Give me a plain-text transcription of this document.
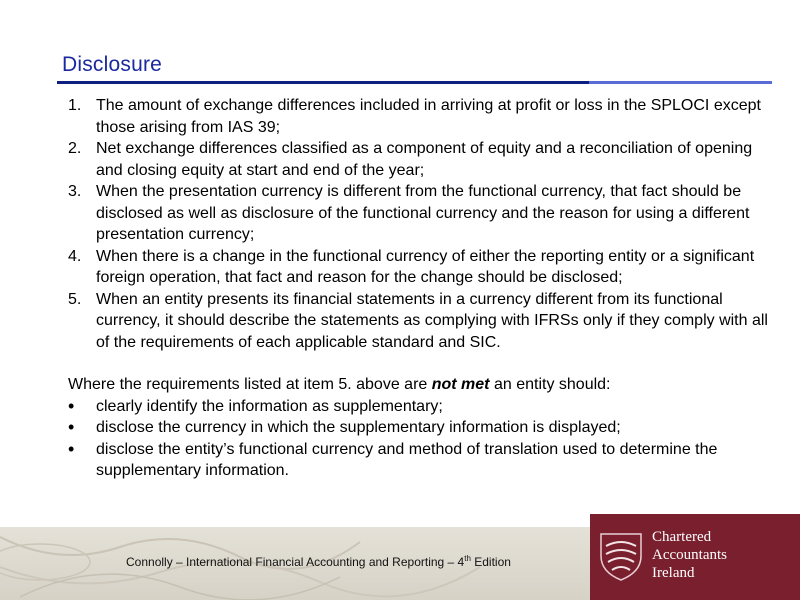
Disclosure
1. The amount of exchange differences included in arriving at profit or loss in the SPLOCI except those arising from IAS 39;
2. Net exchange differences classified as a component of equity and a reconciliation of opening and closing equity at start and end of the year;
3. When the presentation currency is different from the functional currency, that fact should be disclosed as well as disclosure of the functional currency and the reason for using a different presentation currency;
4. When there is a change in the functional currency of either the reporting entity or a significant foreign operation, that fact and reason for the change should be disclosed;
5. When an entity presents its financial statements in a currency different from its functional currency, it should describe the statements as complying with IFRSs only if they comply with all of the requirements of each applicable standard and SIC.
Where the requirements listed at item 5. above are not met an entity should:
• clearly identify the information as supplementary;
• disclose the currency in which the supplementary information is displayed;
• disclose the entity’s functional currency and method of translation used to determine the supplementary information.
Connolly – International Financial Accounting and Reporting – 4th Edition
Chartered
Accountants
Ireland
